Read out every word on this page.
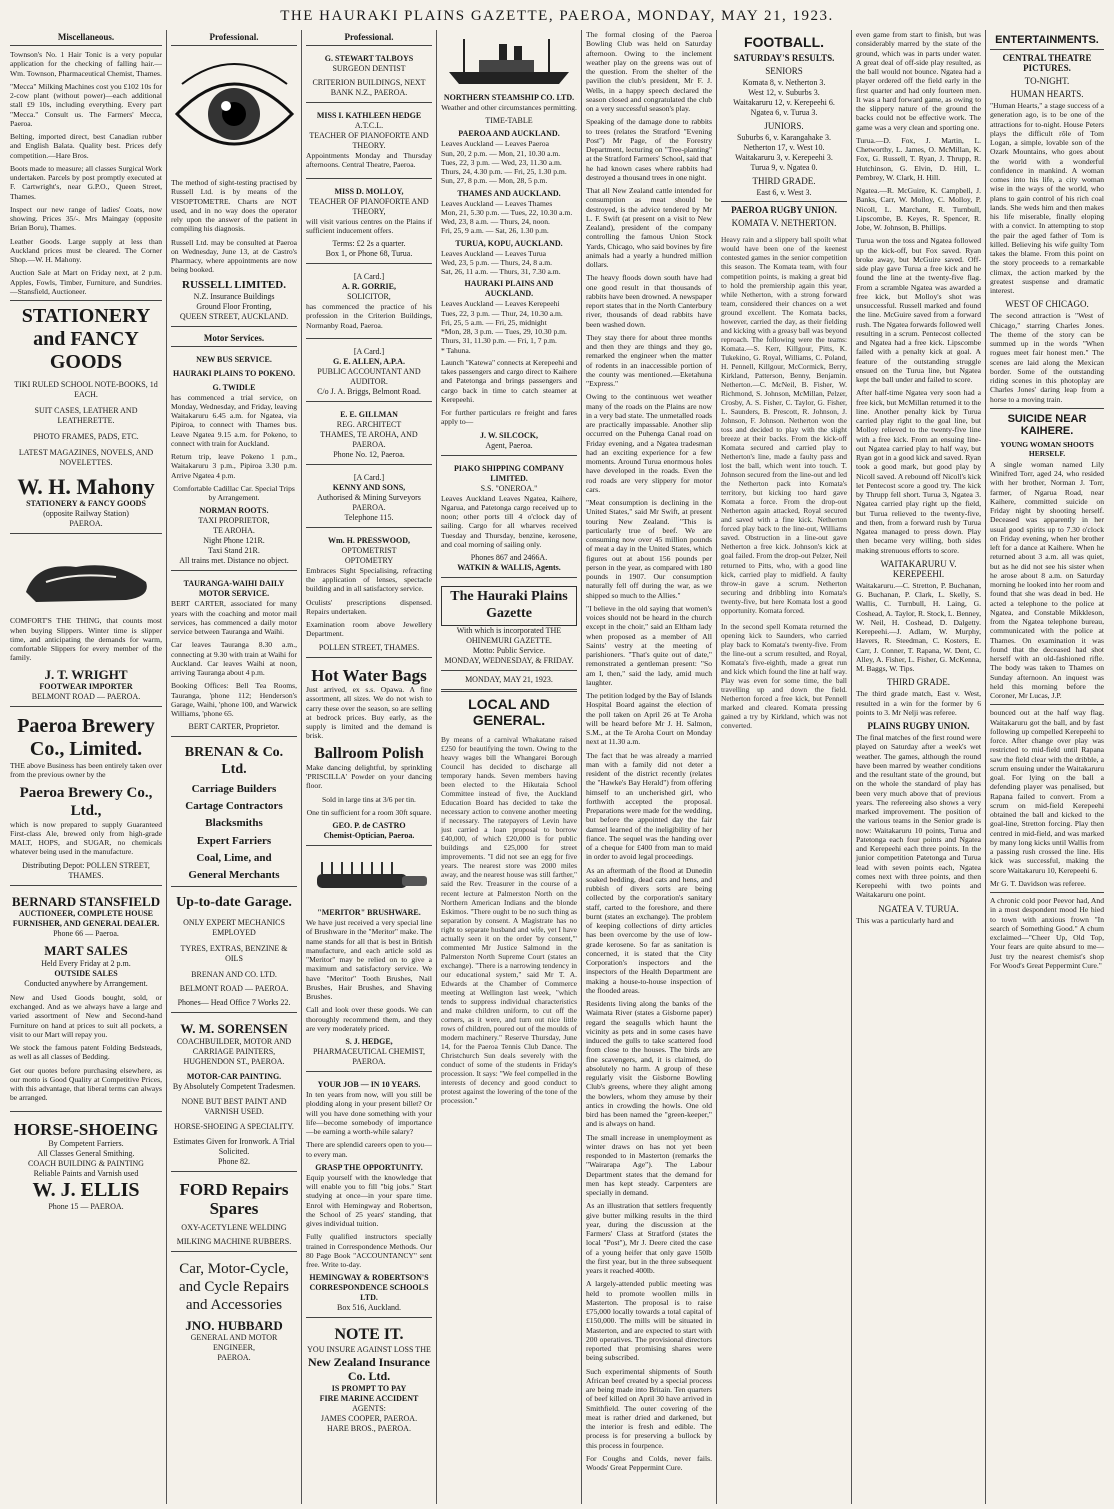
THE HAURAKI PLAINS GAZETTE, PAEROA, MONDAY, MAY 21, 1923.
Miscellaneous.

Townson's No. 1 Hair Tonic is a very popular application for the checking of falling hair.—Wm. Townson, Pharmaceutical Chemist, Thames.

"Mecca" Milking Machines cost you £102 10s for 2-cow plant (without power)—each additional stall £9 10s, including everything. Every part "Mecca." Consult us. The Farmers' Mecca, Paeroa.

Belting, imported direct, best Canadian rubber and English Balata. Quality best. Prices defy competition.—Hare Bros.

Boots made to measure; all classes Surgical Work undertaken. Parcels by post promptly executed at F. Cartwright's, near G.P.O., Queen Street, Thames.

Inspect our new range of ladies' Coats, now showing. Prices 35/-. Mrs Maingay (opposite Brian Boru), Thames.

Leather Goods. Large supply at less than Auckland prices must be cleared. The Corner Shop.—W. H. Mahony.

Auction Sale at Mart on Friday next, at 2 p.m. Apples, Fowls, Timber, Furniture, and Sundries.—Stansfield, Auctioneer.

STATIONERY and FANCY GOODS
TIKI RULED SCHOOL NOTE-BOOKS, 1d EACH.
SUIT CASES, LEATHER AND LEATHERETTE.
PHOTO FRAMES, PADS, ETC.
LATEST MAGAZINES, NOVELS, AND NOVELETTES.
W. H. Mahony
STATIONERY & FANCY GOODS
(opposite Railway Station)
PAEROA.

COMFORT'S THE THING, that counts most when buying Slippers. Winter time is slipper time, and anticipating the demands for warm, comfortable Slippers for every member of the family.

J. T. WRIGHT
FOOTWEAR IMPORTER
BELMONT ROAD — PAEROA.
Paeroa Brewery Co., Limited.

THE above Business has been entirely taken over from the previous owner by the

Paeroa Brewery Co., Ltd.,

which is now prepared to supply Guaranteed First-class Ale, brewed only from high-grade MALT, HOPS, and SUGAR, no chemicals whatever being used in the manufacture.

Distributing Depot: POLLEN STREET, THAMES.
BERNARD STANSFIELD
AUCTIONEER, COMPLETE HOUSE FURNISHER, AND GENERAL DEALER.
Phone 66 — Paeroa.
MART SALES
Held Every Friday at 2 p.m.
OUTSIDE SALES
Conducted anywhere by Arrangement.

New and Used Goods bought, sold, or exchanged. And as we always have a large and varied assortment of New and Second-hand Furniture on hand at prices to suit all pockets, a visit to our Mart will repay you.

We stock the famous patent Folding Bedsteads, as well as all classes of Bedding.

Get our quotes before purchasing elsewhere, as our motto is Good Quality at Competitive Prices, with this advantage, that liberal terms can always be arranged.

HORSE-SHOEING
By Competent Farriers.
All Classes General Smithing.
COACH BUILDING & PAINTING
Reliable Paints and Varnish used
W. J. ELLIS
Phone 15 — PAEROA.
Professional.

The method of sight-testing practised by Russell Ltd. is by means of the VISOPTOMETRE. Charts are NOT used, and in no way does the operator rely upon the answer of the patient in compiling his diagnosis.

Russell Ltd. may be consulted at Paeroa on Wednesday, June 13, at de Castro's Pharmacy, where appointments are now being booked.

RUSSELL LIMITED.
N.Z. Insurance Buildings
Ground Floor Fronting,
QUEEN STREET, AUCKLAND.
Motor Services.
NEW BUS SERVICE.
HAURAKI PLAINS TO POKENO.
G. TWIDLE

has commenced a trial service, on Monday, Wednesday, and Friday, leaving Waitakaruru 6.45 a.m. for Ngatea, via Pipiroa, to connect with Thames bus. Leave Ngatea 9.15 a.m. for Pokeno, to connect with train for Auckland.

Return trip, leave Pokeno 1 p.m., Waitakaruru 3 p.m., Pipiroa 3.30 p.m. Arrive Ngatea 4 p.m.

Comfortable Cadillac Car. Special Trips by Arrangement.

NORMAN ROOTS.
TAXI PROPRIETOR,
TE AROHA.
Night Phone 121R.
Taxi Stand 21R.
All trains met. Distance no object.
TAURANGA-WAIHI DAILY MOTOR SERVICE.

BERT CARTER, associated for many years with the coaching and motor mail services, has commenced a daily motor service between Tauranga and Waihi.

Car leaves Tauranga 8.30 a.m., connecting at 9.30 with train at Waihi for Auckland. Car leaves Waihi at noon, arriving Tauranga about 4 p.m.

Booking Offices: Bell Tea Rooms, Tauranga, 'phone 112; Henderson's Garage, Waihi, 'phone 100, and Warwick Williams, 'phone 65.

BERT CARTER, Proprietor.
BRENAN & Co. Ltd.
Carriage Builders
Cartage Contractors
Blacksmiths
Expert Farriers
Coal, Lime, and
General Merchants
Up-to-date Garage.
ONLY EXPERT MECHANICS EMPLOYED
TYRES, EXTRAS, BENZINE & OILS
BRENAN AND CO. LTD.
BELMONT ROAD — PAEROA.
Phones— Head Office 7 Works 22.
W. M. SORENSEN
COACHBUILDER, MOTOR AND CARRIAGE PAINTERS,
HUGHENDON ST., PAEROA.
MOTOR-CAR PAINTING.
By Absolutely Competent Tradesmen.
NONE BUT BEST PAINT AND VARNISH USED.
HORSE-SHOEING A SPECIALITY.
Estimates Given for Ironwork. A Trial Solicited.
Phone 82.
FORD Repairs Spares
OXY-ACETYLENE WELDING
MILKING MACHINE RUBBERS.
Car, Motor-Cycle, and Cycle Repairs and Accessories
JNO. HUBBARD
GENERAL AND MOTOR ENGINEER,
PAEROA.
Professional.
G. STEWART TALBOYS
SURGEON DENTIST
CRITERION BUILDINGS, NEXT BANK N.Z., PAEROA.
MISS I. KATHLEEN HEDGE
A.T.C.L.
TEACHER OF PIANOFORTE AND THEORY.

Appointments Monday and Thursday afternoons. Central Theatre, Paeroa.

MISS D. MOLLOY,
TEACHER OF PIANOFORTE AND THEORY,

will visit various centres on the Plains if sufficient inducement offers.

Terms: £2 2s a quarter.
Box 1, or Phone 68, Turua.
[A Card.]
A. R. GORRIE,
SOLICITOR,

has commenced the practice of his profession in the Criterion Buildings, Normanby Road, Paeroa.

[A Card.]
G. E. ALLEN, A.P.A.
PUBLIC ACCOUNTANT AND AUDITOR.
C/o J. A. Briggs, Belmont Road.
E. E. GILLMAN
REG. ARCHITECT
THAMES, TE AROHA, AND PAEROA.
Phone No. 12, Paeroa.
[A Card.]
KENNY AND SONS,
Authorised & Mining Surveyors
PAEROA.
Telephone 115.
Wm. H. PRESSWOOD,
OPTOMETRIST
OPTOMETRY

Embraces Sight Specialising, refracting the application of lenses, spectacle building and in all satisfactory service.

Oculists' prescriptions dispensed. Repairs undertaken.

Examination room above Jewellery Department.

POLLEN STREET, THAMES.
Hot Water Bags

Just arrived, ex s.s. Opawa. A fine assortment, all sizes. We do not wish to carry these over the season, so are selling at bedrock prices. Buy early, as the supply is limited and the demand is brisk.

Ballroom Polish

Make dancing delightful, by sprinkling 'PRISCILLA' Powder on your dancing floor.

Sold in large tins at 3/6 per tin.

One tin sufficient for a room 30ft square.

GEO. P. de CASTRO
Chemist-Optician, Paeroa.
"MERITOR" BRUSHWARE.

We have just received a very special line of Brushware in the "Meritor" make. The name stands for all that is best in British manufacture, and each article sold as "Meritor" may be relied on to give a maximum and satisfactory service. We have "Meritor" Tooth Brushes, Nail Brushes, Hair Brushes, and Shaving Brushes.

Call and look over these goods. We can thoroughly recommend them, and they are very moderately priced.

S. J. HEDGE,
PHARMACEUTICAL CHEMIST, PAEROA.
YOUR JOB — IN 10 YEARS.

In ten years from now, will you still be plodding along in your present billet? Or will you have done something with your life—become somebody of importance—be earning a worth-while salary?

There are splendid careers open to you—to every man.

GRASP THE OPPORTUNITY.

Equip yourself with the knowledge that will enable you to fill "big jobs." Start studying at once—in your spare time. Enrol with Hemingway and Robertson, the School of 25 years' standing, that gives individual tuition.

Fully qualified instructors specially trained in Correspondence Methods. Our 80 Page Book "ACCOUNTANCY" sent free. Write to-day.

HEMINGWAY & ROBERTSON'S CORRESPONDENCE SCHOOLS LTD.
Box 516, Auckland.
NOTE IT.
YOU INSURE AGAINST LOSS THE
New Zealand Insurance Co. Ltd.
IS PROMPT TO PAY
FIRE MARINE ACCIDENT
AGENTS:
JAMES COOPER, PAEROA.
HARE BROS., PAEROA.
NORTHERN STEAMSHIP CO. LTD.

Weather and other circumstances permitting.

TIME-TABLE
PAEROA AND AUCKLAND.
Leaves Auckland — Leaves Paeroa
Sun, 20, 2 p.m. — Mon, 21, 10.30 a.m.
Tues, 22, 3 p.m. — Wed, 23, 11.30 a.m.
Thurs, 24, 4.30 p.m. — Fri, 25, 1.30 p.m.
Sun, 27, 8 p.m. — Mon, 28, 5 p.m.
THAMES AND AUCKLAND.
Leaves Auckland — Leaves Thames
Mon, 21, 5.30 p.m. — Tues, 22, 10.30 a.m.
Wed, 23, 8 a.m. — Thurs, 24, noon.
Fri, 25, 9 a.m. — Sat, 26, 1.30 p.m.
TURUA, KOPU, AUCKLAND.
Leaves Auckland — Leaves Turua
Wed, 23, 5 p.m. — Thurs, 24, 8 a.m.
Sat, 26, 11 a.m. — Thurs, 31, 7.30 a.m.
HAURAKI PLAINS AND AUCKLAND.
Leaves Auckland — Leaves Kerepeehi
Tues, 22, 3 p.m. — Thur, 24, 10.30 a.m.
Fri, 25, 5 a.m. — Fri, 25, midnight
*Mon, 28, 3 p.m. — Tues, 29, 10.30 p.m.
Thurs, 31, 11.30 p.m. — Fri, 1, 7 p.m.
* Tahuna.

Launch "Katewa" connects at Kerepeehi and takes passengers and cargo direct to Kaihere and Patetonga and brings passengers and cargo back in time to catch steamer at Kerepeehi.

For further particulars re freight and fares apply to—

J. W. SILCOCK,
Agent, Paeroa.
PIAKO SHIPPING COMPANY LIMITED.
S.S. "ONEROA."

Leaves Auckland Leaves Ngatea, Kaihere, Ngarua, and Patetonga cargo received up to noon; other ports till 4 o'clock day of sailing. Cargo for all wharves received Tuesday and Thursday, benzine, kerosene, and coal morning of sailing only.

Phones 867 and 2466A.
WATKIN & WALLIS, Agents.
The Hauraki Plains Gazette
With which is incorporated THE OHINEMURI GAZETTE.
Motto: Public Service.
MONDAY, WEDNESDAY, & FRIDAY.
MONDAY, MAY 21, 1923.
LOCAL AND GENERAL.

By means of a carnival Whakatane raised £250 for beautifying the town. Owing to the heavy wages bill the Whangarei Borough Council has decided to discharge all temporary hands. Seven members having been elected to the Hikutaia School Committee instead of five, the Auckland Education Board has decided to take the necessary action to convene another meeting if necessary. The ratepayers of Levin have just carried a loan proposal to borrow £40,000, of which £20,000 is for public buildings and £25,000 for street improvements. "I did not see an egg for five years. The nearest store was 2000 miles away, and the nearest house was still farther," said the Rev. Treasurer in the course of a recent lecture at Palmerston North on the Northern American Indians and the blonde Eskimos. "There ought to be no such thing as separation by consent. A Magistrate has no right to separate husband and wife, yet I have actually seen it on the order 'by consent,'" commented Mr Justice Salmond in the Palmerston North Supreme Court (states an exchange). "There is a narrowing tendency in our educational system," said Mr T. A. Edwards at the Chamber of Commerce meeting at Wellington last week, "which tends to suppress individual characteristics and make children uniform, to cut off the corners, as it were, and turn out nice little rows of children, poured out of the moulds of modern machinery." Reserve Thursday, June 14, for the Paeroa Tennis Club Dance. The Christchurch Sun deals severely with the conduct of some of the students in Friday's procession. It says: "We feel compelled in the interests of decency and good conduct to protest against the lowering of the tone of the procession."

The formal closing of the Paeroa Bowling Club was held on Saturday afternoon. Owing to the inclement weather play on the greens was out of the question. From the shelter of the pavilion the club's president, Mr F. J. Wells, in a happy speech declared the season closed and congratulated the club on a very successful season's play.

Speaking of the damage done to rabbits to trees (relates the Stratford "Evening Post") Mr Page, of the Forestry Department, lecturing on "Tree-planting" at the Stratford Farmers' School, said that he had known cases where rabbits had destroyed a thousand trees in one night.

That all New Zealand cattle intended for consumption as meat should be destroyed, is the advice tendered by Mr L. F. Swift (at present on a visit to New Zealand), president of the company controlling the famous Union Stock Yards, Chicago, who said bovines by fire animals had a yearly a hundred million dollars.

The heavy floods down south have had one good result in that thousands of rabbits have been drowned. A newspaper report states that in the North Canterbury river, thousands of dead rabbits have been washed down.

They stay there for about three months and then they are things and they go, remarked the engineer when the matter of rodents in an inaccessible portion of the county was mentioned.—Eketahuna "Express."

Owing to the continuous wet weather many of the roads on the Plains are now in a very bad state. The unmetalled roads are practically impassable. Another slip occurred on the Puhenga Canal road on Friday evening, and a Ngatea tradesman had an exciting experience for a few moments. Around Turua enormous holes have developed in the roads. Even the rod roads are very slippery for motor cars.

"Meat consumption is declining in the United States," said Mr Swift, at present touring New Zealand. "This is particularly true of beef. We are consuming now over 45 million pounds of meat a day in the United States, which figures out at about 156 pounds per person in the year, as compared with 180 pounds in 1907. Our consumption naturally fell off during the war, as we shipped so much to the Allies."

"I believe in the old saying that women's voices should not be heard in the church except in the choir," said an Eltham lady when proposed as a member of All Saints' vestry at the meeting of parishioners. "That's quite out of date," remonstrated a gentleman present: "So am I, then," said the lady, amid much laughter.

The petition lodged by the Bay of Islands Hospital Board against the election of the poll taken on April 26 at Te Aroha will be heard before Mr J. H. Salmon, S.M., at the Te Aroha Court on Monday next at 11.30 a.m.

The fact that he was already a married man with a family did not deter a resident of the district recently (relates the "Hawke's Bay Herald") from offering himself to an uncherished girl, who forthwith accepted the proposal. Preparations were made for the wedding, but before the appointed day the fair damsel learned of the ineligibility of her fiance. The sequel was the handing over of a cheque for £400 from man to maid in order to avoid legal proceedings.

As an aftermath of the flood at Dunedin soaked bedding, dead cats and hens, and rubbish of divers sorts are being collected by the corporation's sanitary staff, carted to the foreshore, and there burnt (states an exchange). The problem of keeping collections of dirty articles has been overcome by the use of low-grade kerosene. So far as sanitation is concerned, it is stated that the City Corporation's inspectors and the inspectors of the Health Department are making a house-to-house inspection of the flooded areas.

Residents living along the banks of the Waimata River (states a Gisborne paper) regard the seagulls which haunt the vicinity as pets and in some cases have induced the gulls to take scattered food from close to the houses. The birds are fine scavengers, and, it is claimed, do absolutely no harm. A group of these regularly visit the Gisborne Bowling Club's greens, where they alight among the bowlers, whom they amuse by their antics in crowding the howls. One old bird has been named the "green-keeper," and is always on hand.

The small increase in unemployment as winter draws on has not yet been responded to in Masterton (remarks the "Wairarapa Age"). The Labour Department states that the demand for men has kept steady. Carpenters are specially in demand.

As an illustration that settlers frequently give butter milking results in the third year, during the discussion at the Farmers' Class at Stratford (states the local "Post"), Mr J. Deere cited the case of a young heifer that only gave 150lb the first year, but in the three subsequent years it reached 400lb.

A largely-attended public meeting was held to promote woollen mills in Masterton. The proposal is to raise £75,000 locally towards a total capital of £150,000. The mills will be situated in Masterton, and are expected to start with 200 operatives. The provisional directors reported that promising shares were being subscribed.

Such experimental shipments of South African beef created by a special process are being made into Britain. Ten quarters of beef killed on April 30 have arrived in Smithfield. The outer covering of the meat is rather dried and darkened, but the interior is fresh and edible. The process is for preserving a bullock by this process in fourpence.

For Coughs and Colds, never fails. Woods' Great Peppermint Cure.

FOOTBALL.
SATURDAY'S RESULTS.
SENIORS
Komata 8, v. Netherton 3.
West 12, v. Suburbs 3.
Waitakaruru 12, v. Kerepeehi 6.
Ngatea 6, v. Turua 3.
JUNIORS.
Suburbs 6, v. Karangahake 3.
Netherton 17, v. West 10.
Waitakaruru 3, v. Kerepeehi 3.
Turua 9, v. Ngatea 0.
THIRD GRADE.
East 6, v. West 3.
PAEROA RUGBY UNION.
KOMATA V. NETHERTON.

Heavy rain and a slippery ball spoilt what would have been one of the keenest contested games in the senior competition this season. The Komata team, with four competition points, is making a great bid to hold the premiership again this year, while Netherton, with a strong forward team, considered their chances on a wet ground excellent. The Komata backs, however, carried the day, as their fielding and kicking with a greasy ball was beyond reproach. The following were the teams: Komata.—S. Kerr, Killgour, Pitts, K. Tukekino, G. Royal, Williams, C. Poland, H. Pennell, Killgour, McCormick, Berry, Kirkland, Patterson, Benny, Benjamin. Netherton.—C. McNeil, B. Fisher, W. Richmond, S. Johnson, McMillan, Pelzer, Crosby, A. S. Fisher, C. Taylor, G. Fisher, L. Saunders, B. Prescott, R. Johnson, J. Johnson, F. Johnson. Netherton won the toss and decided to play with the slight breeze at their backs. From the kick-off Komata secured and carried play to Netherton's line, made a faulty pass and lost the ball, which went into touch. T. Johnson secured from the line-out and led the Netherton pack into Komata's territory, but kicking too hard gave Komata a force. From the drop-out Netherton again attacked, Royal secured and saved with a fine kick. Netherton forced play back to the line-out, Williams saved. Obstruction in a line-out gave Netherton a free kick. Johnson's kick at goal failed. From the drop-out Pelzer, Neil returned to Pitts, who, with a good line kick, carried play to midfield. A faulty throw-in gave a scrum. Netherton securing and dribbling into Komata's twenty-five, but here Komata lost a good opportunity. Komata forced.

In the second spell Komata returned the opening kick to Saunders, who carried play back to Komata's twenty-five. From the line-out a scrum resulted, and Royal, Komata's five-eighth, made a great run and kick which found the line at half way. Play was even for some time, the ball travelling up and down the field. Netherton forced a free kick, but Pennell marked and cleared. Komata pressing gained a try by Kirkland, which was not converted.

even game from start to finish, but was considerably marred by the state of the ground, which was in parts under water. A great deal of off-side play resulted, as the ball would not bounce. Ngatea had a player ordered off the field early in the first quarter and had only fourteen men. It was a hard forward game, as owing to the slippery nature of the ground the backs could not be effective work. The game was a very clean and sporting one.

Turua.—D. Fox, J. Martin, L. Chetworthy, L. James, O. McMillan, K. Fox, G. Russell, T. Ryan, J. Thrupp, R. Hutchinson, G. Elvin, D. Hill, L. Pembrey, W. Clark, H. Hill.

Ngatea.—R. McGuire, K. Campbell, J. Banks, Carr, W. Molloy, C. Molloy, P. Nicoll, L. Marchant, R. Turnbull, Lipscombe, B. Keyes, R. Spencer, R. Jobe, W. Johnson, B. Phillips.

Turua won the toss and Ngatea followed up the kick-off, but Fox saved. Ryan broke away, but McGuire saved. Off-side play gave Turua a free kick and he found the line at the twenty-five flag. From a scramble Ngatea was awarded a free kick, but Molloy's shot was unsuccessful. Russell marked and found the line. McGuire saved from a forward rush. The Ngatea forwards followed well resulting in a scrum. Pentecost collected and Ngatea had a free kick. Lipscombe failed with a penalty kick at goal. A feature of the outstanding struggle ensued on the Turua line, but Ngatea kept the ball under and failed to score.

After half-time Ngatea very soon had a free kick, but McMillan returned it to the line. Another penalty kick by Turua carried play right to the goal line, but Molloy relieved to the twenty-five line with a free kick. From an ensuing line-out Ngatea carried play to half way, but Ryan got in a good kick and saved. Ryan took a good mark, but good play by Nicoll saved. A rebound off Nicoll's kick let Pentecost score a good try. The kick by Thrupp fell short. Turua 3, Ngatea 3. Ngatea carried play right up the field, but Turua relieved to the twenty-five, and then, from a forward rush by Turua Ngatea managed to press down. Play then became very willing, both sides making strenuous efforts to score.

WAITAKARURU V. KEREPEEHI.

Waitakaruru.—C. Stretton, P. Buchanan, G. Buchanan, P. Clark, L. Skelly, S. Wallis, C. Turnbull, H. Laing, G. Coshead, A. Taylor, R. Stock, L. Benney, W. Neil, H. Coshead, D. Dalgetty. Kerepeehi.—J. Adlam, W. Murphy, Havers, R. Steedman, C. Kosters, E. Carr, J. Conner, T. Rapana, W. Dent, C. Alley, A. Fisher, L. Fisher, G. McKenna, M. Baggs, W. Tips.

THIRD GRADE.

The third grade match, East v. West, resulted in a win for the former by 6 points to 3. Mr Nelji was referee.

PLAINS RUGBY UNION.

The final matches of the first round were played on Saturday after a week's wet weather. The games, although the round have been marred by weather conditions and the resultant state of the ground, but on the whole the standard of play has been very much above that of previous years. The refereeing also shows a very marked improvement. The position of the various teams in the Senior grade is now: Waitakaruru 10 points, Turua and Patetonga each four points and Ngatea and Kerepeehi each three points. In the junior competition Patetonga and Turua lead with seven points each, Ngatea comes next with three points, and then Kerepeehi with two points and Waitakaruru one point.

NGATEA V. TURUA.

This was a particularly hard and

ENTERTAINMENTS.
CENTRAL THEATRE PICTURES.
TO-NIGHT.
HUMAN HEARTS.

"Human Hearts," a stage success of a generation ago, is to be one of the attractions for to-night. House Peters plays the difficult rôle of Tom Logan, a simple, lovable son of the Ozark Mountains, who goes about the world with a wonderful confidence in mankind. A woman comes into his life, a city woman wise in the ways of the world, who plans to gain control of his rich coal lands. She weds him and then makes his life miserable, finally eloping with a convict. In attempting to stop the pair the aged father of Tom is killed. Believing his wife guilty Tom takes the blame. From this point on the story proceeds to a remarkable climax, the action marked by the greatest suspense and dramatic interest.

WEST OF CHICAGO.

The second attraction is "West of Chicago," starring Charles Jones. The theme of the story can be summed up in the words "When rogues meet fair honest men." The scenes are laid along the Mexican border. Some of the outstanding riding scenes in this photoplay are Charles Jones' daring leap from a horse to a moving train.

SUICIDE NEAR KAIHERE.
YOUNG WOMAN SHOOTS HERSELF.

A single woman named Lily Winifred Torr, aged 24, who resided with her brother, Norman J. Torr, farmer, of Ngarua Road, near Kaihere, committed suicide on Friday night by shooting herself. Deceased was apparently in her usual good spirits up to 7.30 o'clock on Friday evening, when her brother left for a dance at Kaihere. When he returned about 3 a.m. all was quiet, but as he did not see his sister when he arose about 8 a.m. on Saturday morning he looked into her room and found that she was dead in bed. He acted a telephone to the police at Ngatea, and Constable Mikkleson, from the Ngatea telephone bureau, communicated with the police at Thames. On examination it was found that the deceased had shot herself with an old-fashioned rifle. The body was taken to Thames on Sunday afternoon. An inquest was held this morning before the Coroner, Mr Lucas, J.P.

bounced out at the half way flag. Waitakaruru got the ball, and by fast following up compelled Kerepeehi to force. After change over play was restricted to mid-field until Rapana saw the field clear with the dribble, a scrum ensuing under the Waitakaruru goal. For lying on the ball a defending player was penalised, but Rapana failed to convert. From a scrum on mid-field Kerepeehi obtained the ball and kicked to the goal-line, Stretton forcing. Play then centred in mid-field, and was marked by many long kicks until Wallis from a passing rush crossed the line. His kick was successful, making the score Waitakaruru 10, Kerepeehi 6.

Mr G. T. Davidson was referee.

A chronic cold poor Peevor had, And in a most despondent mood He hied to town with anxious frown "In search of Something Good." A chum exclaimed—"Cheer Up, Old Top, Your fears are quite absurd to me— Just try the nearest chemist's shop For Wood's Great Peppermint Cure."
